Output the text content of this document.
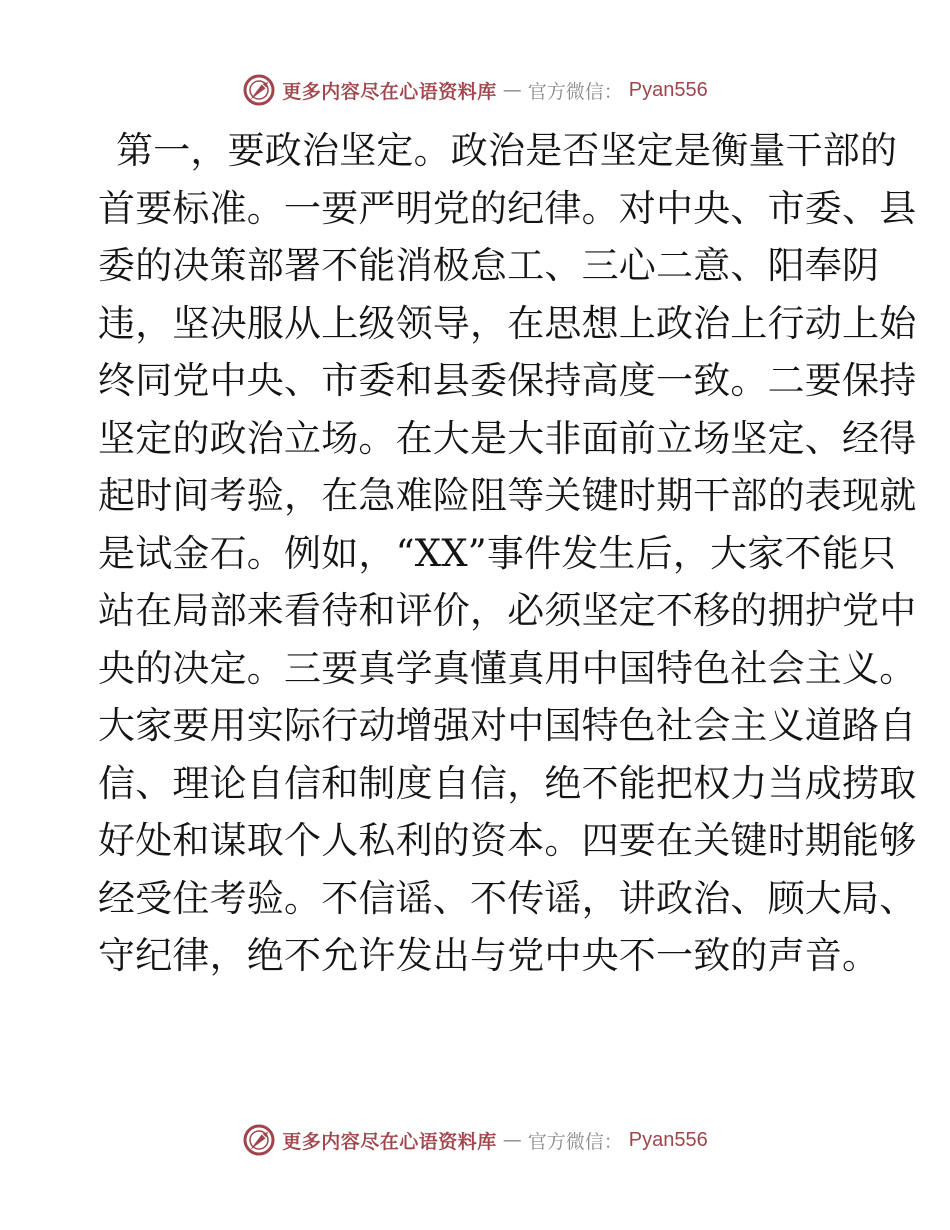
更多内容尽在心语资料库 — 官方微信： Pyan556
第一，要政治坚定。政治是否坚定是衡量干部的
首要标准。一要严明党的纪律。对中央、市委、县
委的决策部署不能消极怠工、三心二意、阳奉阴
违，坚决服从上级领导，在思想上政治上行动上始
终同党中央、市委和县委保持高度一致。二要保持
坚定的政治立场。在大是大非面前立场坚定、经得
起时间考验，在急难险阻等关键时期干部的表现就
是试金石。例如，“XX”事件发生后，大家不能只
站在局部来看待和评价，必须坚定不移的拥护党中
央的决定。三要真学真懂真用中国特色社会主义。
大家要用实际行动增强对中国特色社会主义道路自
信、理论自信和制度自信，绝不能把权力当成捞取
好处和谋取个人私利的资本。四要在关键时期能够
经受住考验。不信谣、不传谣，讲政治、顾大局、
守纪律，绝不允许发出与党中央不一致的声音。
更多内容尽在心语资料库 — 官方微信： Pyan556
